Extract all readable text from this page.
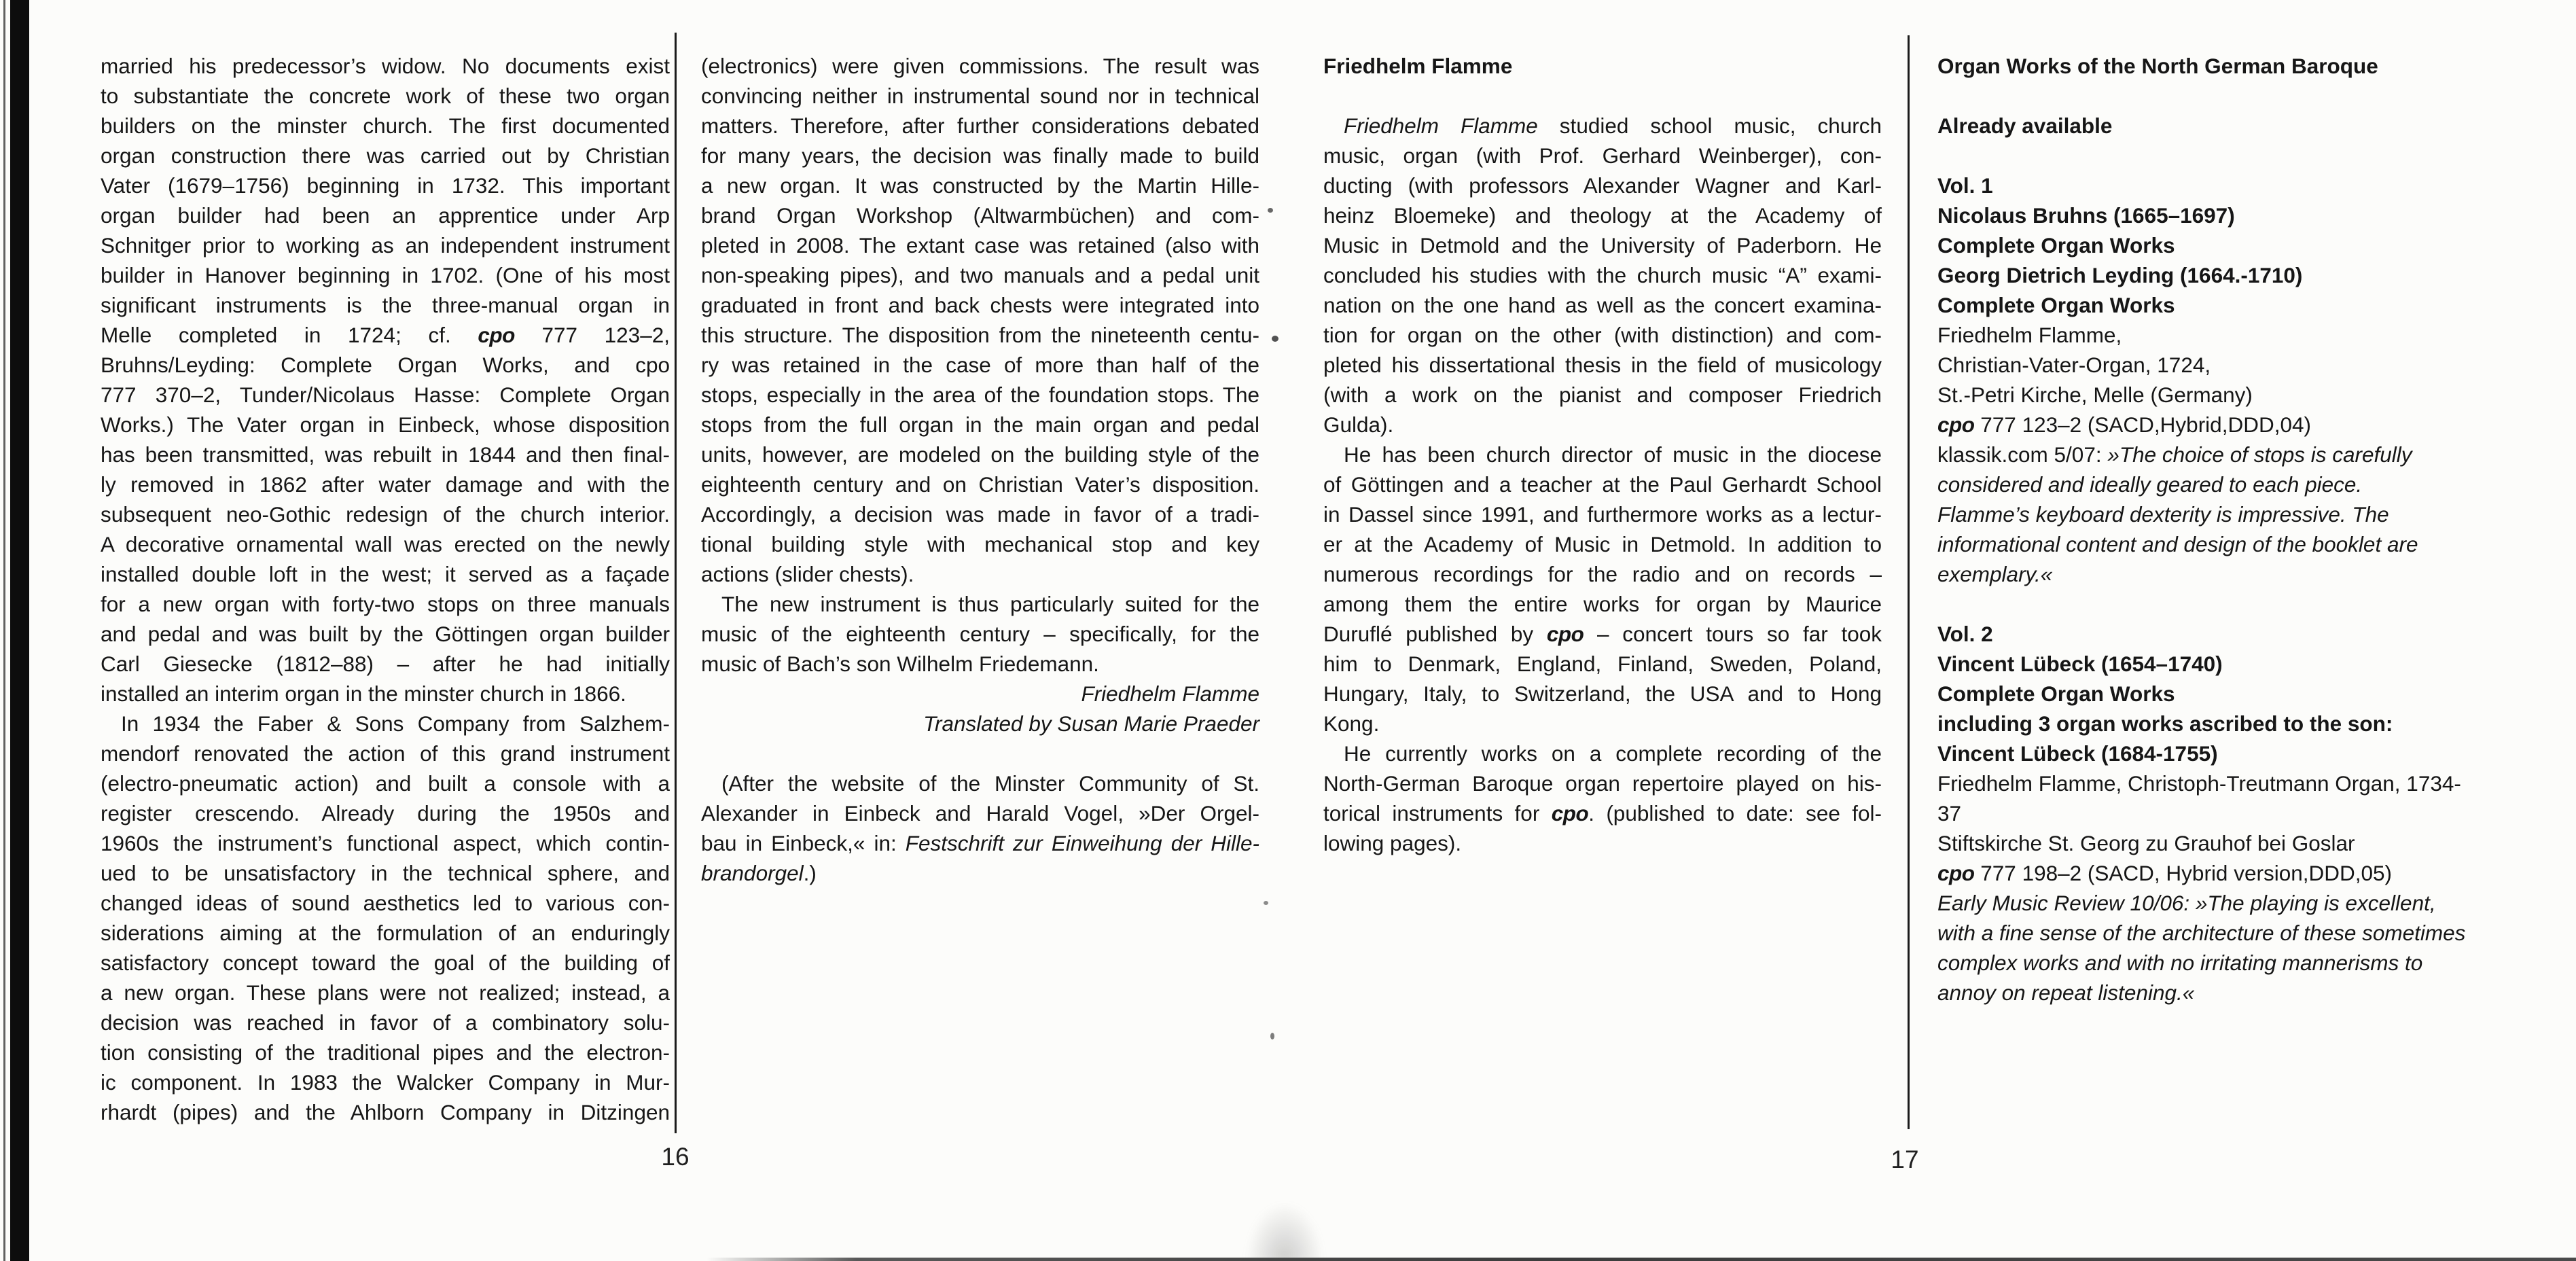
married his predecessor’s widow. No documents exist
to substantiate the concrete work of these two organ
builders on the minster church. The first documented
organ construction there was carried out by Christian
Vater (1679–1756) beginning in 1732. This important
organ builder had been an apprentice under Arp
Schnitger prior to working as an independent instrument
builder in Hanover beginning in 1702. (One of his most
significant instruments is the three-manual organ in
Melle completed in 1724; cf. cpo 777 123–2,
Bruhns/Leyding: Complete Organ Works, and cpo
777 370–2, Tunder/Nicolaus Hasse: Complete Organ
Works.) The Vater organ in Einbeck, whose disposition
has been transmitted, was rebuilt in 1844 and then final-
ly removed in 1862 after water damage and with the
subsequent neo-Gothic redesign of the church interior.
A decorative ornamental wall was erected on the newly
installed double loft in the west; it served as a façade
for a new organ with forty-two stops on three manuals
and pedal and was built by the Göttingen organ builder
Carl Giesecke (1812–88) – after he had initially
installed an interim organ in the minster church in 1866.
In 1934 the Faber & Sons Company from Salzhem-
mendorf renovated the action of this grand instrument
(electro-pneumatic action) and built a console with a
register crescendo. Already during the 1950s and
1960s the instrument’s functional aspect, which contin-
ued to be unsatisfactory in the technical sphere, and
changed ideas of sound aesthetics led to various con-
siderations aiming at the formulation of an enduringly
satisfactory concept toward the goal of the building of
a new organ. These plans were not realized; instead, a
decision was reached in favor of a combinatory solu-
tion consisting of the traditional pipes and the electron-
ic component. In 1983 the Walcker Company in Mur-
rhardt (pipes) and the Ahlborn Company in Ditzingen
(electronics) were given commissions. The result was
convincing neither in instrumental sound nor in technical
matters. Therefore, after further considerations debated
for many years, the decision was finally made to build
a new organ. It was constructed by the Martin Hille-
brand Organ Workshop (Altwarmbüchen) and com-
pleted in 2008. The extant case was retained (also with
non-speaking pipes), and two manuals and a pedal unit
graduated in front and back chests were integrated into
this structure. The disposition from the nineteenth centu-
ry was retained in the case of more than half of the
stops, especially in the area of the foundation stops. The
stops from the full organ in the main organ and pedal
units, however, are modeled on the building style of the
eighteenth century and on Christian Vater’s disposition.
Accordingly, a decision was made in favor of a tradi-
tional building style with mechanical stop and key
actions (slider chests).
The new instrument is thus particularly suited for the
music of the eighteenth century – specifically, for the
music of Bach’s son Wilhelm Friedemann.
Friedhelm Flamme
Translated by Susan Marie Praeder

(After the website of the Minster Community of St.
Alexander in Einbeck and Harald Vogel, »Der Orgel-
bau in Einbeck,« in: Festschrift zur Einweihung der Hille-
brandorgel.)
Friedhelm Flamme

Friedhelm Flamme studied school music, church
music, organ (with Prof. Gerhard Weinberger), con-
ducting (with professors Alexander Wagner and Karl-
heinz Bloemeke) and theology at the Academy of
Music in Detmold and the University of Paderborn. He
concluded his studies with the church music “A” exami-
nation on the one hand as well as the concert examina-
tion for organ on the other (with distinction) and com-
pleted his dissertational thesis in the field of musicology
(with a work on the pianist and composer Friedrich
Gulda).
He has been church director of music in the diocese
of Göttingen and a teacher at the Paul Gerhardt School
in Dassel since 1991, and furthermore works as a lectur-
er at the Academy of Music in Detmold. In addition to
numerous recordings for the radio and on records –
among them the entire works for organ by Maurice
Duruflé published by cpo – concert tours so far took
him to Denmark, England, Finland, Sweden, Poland,
Hungary, Italy, to Switzerland, the USA and to Hong
Kong.
He currently works on a complete recording of the
North-German Baroque organ repertoire played on his-
torical instruments for cpo. (published to date: see fol-
lowing pages).
Organ Works of the North German Baroque

Already available

Vol. 1
Nicolaus Bruhns (1665–1697)
Complete Organ Works
Georg Dietrich Leyding (1664.-1710)
Complete Organ Works
Friedhelm Flamme,
Christian-Vater-Organ, 1724,
St.-Petri Kirche, Melle (Germany)
cpo 777 123–2 (SACD,Hybrid,DDD,04)
klassik.com 5/07: »The choice of stops is carefully
considered and ideally geared to each piece.
Flamme’s keyboard dexterity is impressive. The
informational content and design of the booklet are
exemplary.«

Vol. 2
Vincent Lübeck (1654–1740)
Complete Organ Works
including 3 organ works ascribed to the son:
Vincent Lübeck (1684-1755)
Friedhelm Flamme, Christoph-Treutmann Organ, 1734-
37
Stiftskirche St. Georg zu Grauhof bei Goslar
cpo 777 198–2 (SACD, Hybrid version,DDD,05)
Early Music Review 10/06: »The playing is excellent,
with a fine sense of the architecture of these sometimes
complex works and with no irritating mannerisms to
annoy on repeat listening.«
16	17
